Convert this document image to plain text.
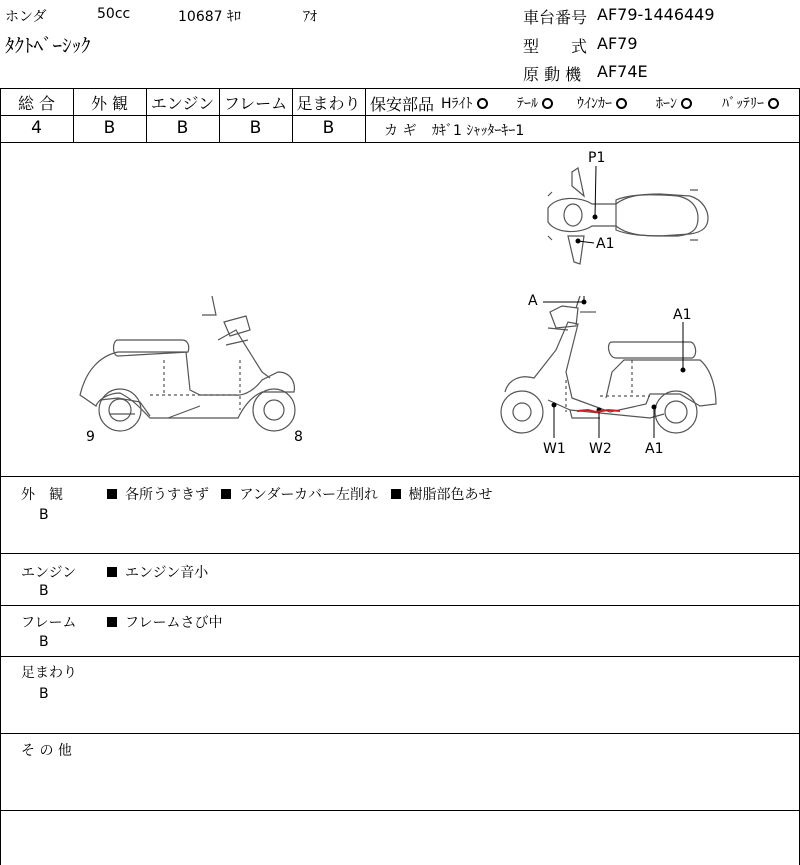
ホンダ	50cc	10687 ｷﾛ	ｱｵ
ﾀｸﾄﾍﾞｰｼｯｸ
車台番号 AF79-1446449
型　　式 AF79
原 動 機 AF74E
総 合	外 観	エンジン フレーム 足まわり
4	B	B	B	B
保安部品 Hﾗｲﾄ	ﾃｰﾙ	ｳｲﾝｶｰ	ﾎｰﾝ	ﾊﾞｯﾃﾘｰ
カ ギ ｶｷﾞ1 ｼｬｯﾀｰｷｰ1
P1
A1
A
A1
W1 W2 A1
9	8
外　観
B
各所うすきず アンダーカバー左削れ 樹脂部色あせ
エンジン
B
エンジン音小
フレーム
B
フレームさび中
足まわり
B
そ の 他
